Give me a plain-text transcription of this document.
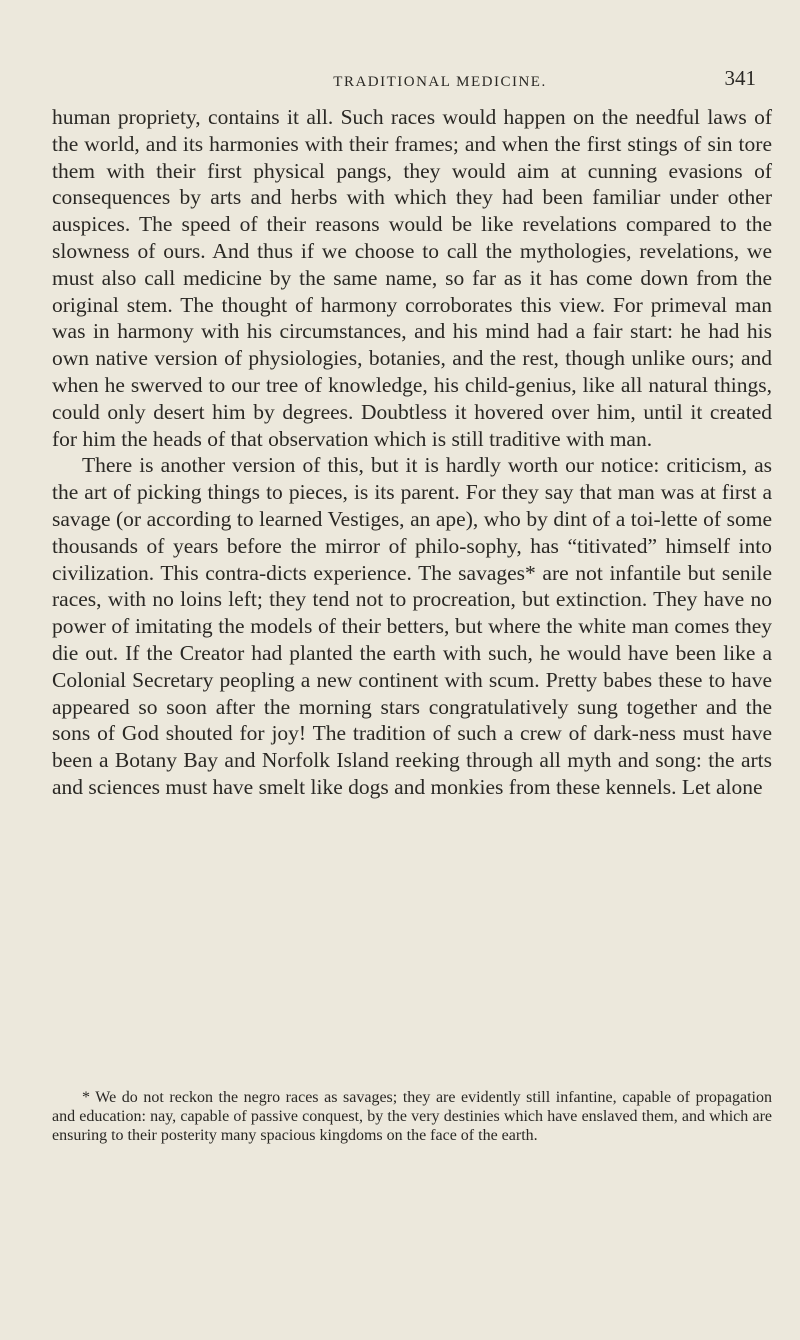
TRADITIONAL MEDICINE.	341

human propriety, contains it all. Such races would happen on the needful laws of the world, and its harmonies with their frames; and when the first stings of sin tore them with their first physical pangs, they would aim at cunning evasions of consequences by arts and herbs with which they had been familiar under other auspices. The speed of their reasons would be like revelations compared to the slowness of ours. And thus if we choose to call the mythologies, revelations, we must also call medicine by the same name, so far as it has come down from the original stem. The thought of harmony corroborates this view. For primeval man was in harmony with his circumstances, and his mind had a fair start: he had his own native version of physiologies, botanies, and the rest, though unlike ours; and when he swerved to our tree of knowledge, his child-genius, like all natural things, could only desert him by degrees. Doubtless it hovered over him, until it created for him the heads of that observation which is still traditive with man.

There is another version of this, but it is hardly worth our notice: criticism, as the art of picking things to pieces, is its parent. For they say that man was at first a savage (or according to learned Vestiges, an ape), who by dint of a toi-lette of some thousands of years before the mirror of philo-sophy, has “titivated” himself into civilization. This contra-dicts experience. The savages* are not infantile but senile races, with no loins left; they tend not to procreation, but extinction. They have no power of imitating the models of their betters, but where the white man comes they die out. If the Creator had planted the earth with such, he would have been like a Colonial Secretary peopling a new continent with scum. Pretty babes these to have appeared so soon after the morning stars congratulatively sung together and the sons of God shouted for joy! The tradition of such a crew of dark-ness must have been a Botany Bay and Norfolk Island reeking through all myth and song: the arts and sciences must have smelt like dogs and monkies from these kennels. Let alone

* We do not reckon the negro races as savages; they are evidently still infantine, capable of propagation and education: nay, capable of passive conquest, by the very destinies which have enslaved them, and which are ensuring to their posterity many spacious kingdoms on the face of the earth.
